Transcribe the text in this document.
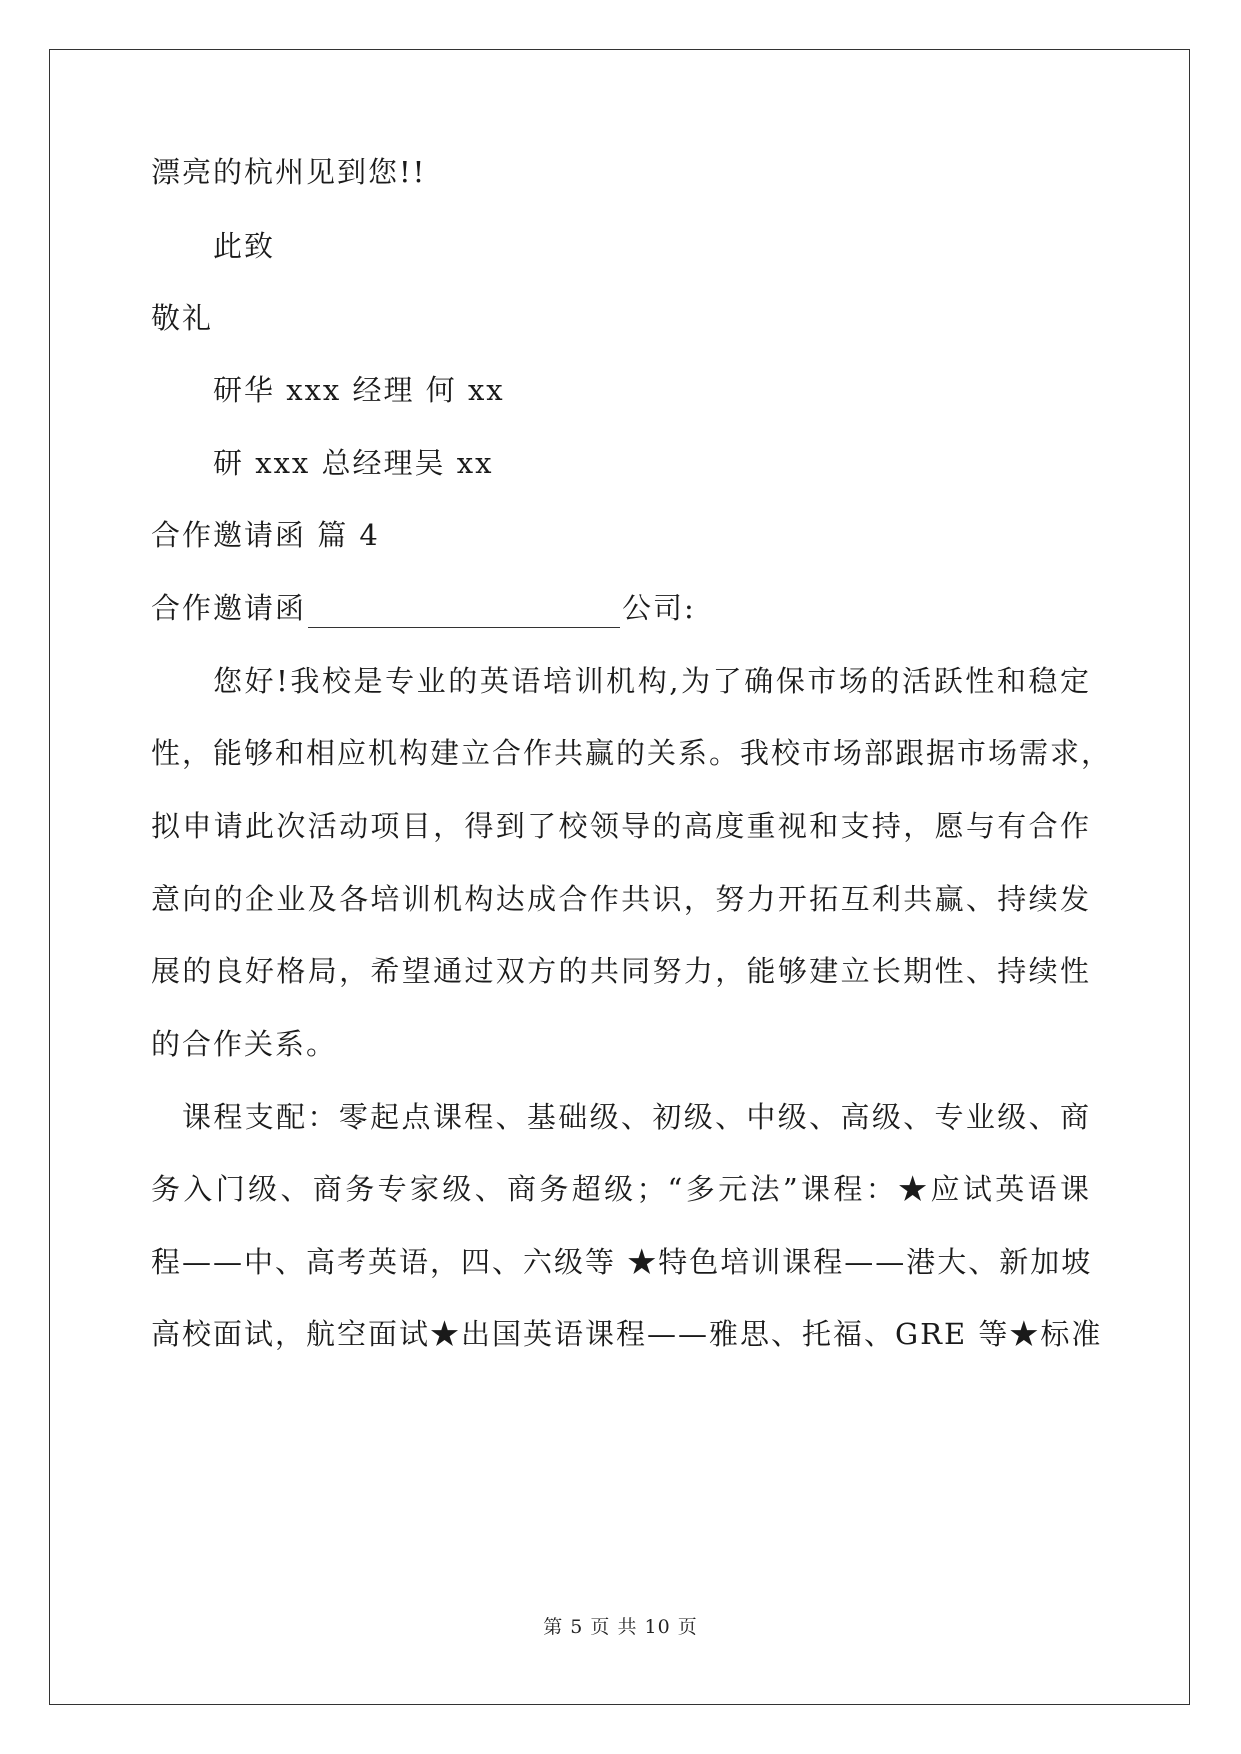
漂亮的杭州见到您!!
此致
敬礼
研华 xxx 经理 何 xx
研 xxx 总经理吴 xx
合作邀请函 篇 4
合作邀请函	公司:
您好!我校是专业的英语培训机构,为了确保市场的活跃性和稳定
性，能够和相应机构建立合作共赢的关系。我校市场部跟据市场需求，
拟申请此次活动项目，得到了校领导的高度重视和支持，愿与有合作
意向的企业及各培训机构达成合作共识，努力开拓互利共赢、持续发
展的良好格局，希望通过双方的共同努力，能够建立长期性、持续性
的合作关系。
课程支配：零起点课程、基础级、初级、中级、高级、专业级、商
务入门级、商务专家级、商务超级；“多元法”课程：★应试英语课
程——中、高考英语，四、六级等 ★特色培训课程——港大、新加坡
高校面试，航空面试★出国英语课程——雅思、托福、GRE 等★标准
第 5 页 共 10 页
